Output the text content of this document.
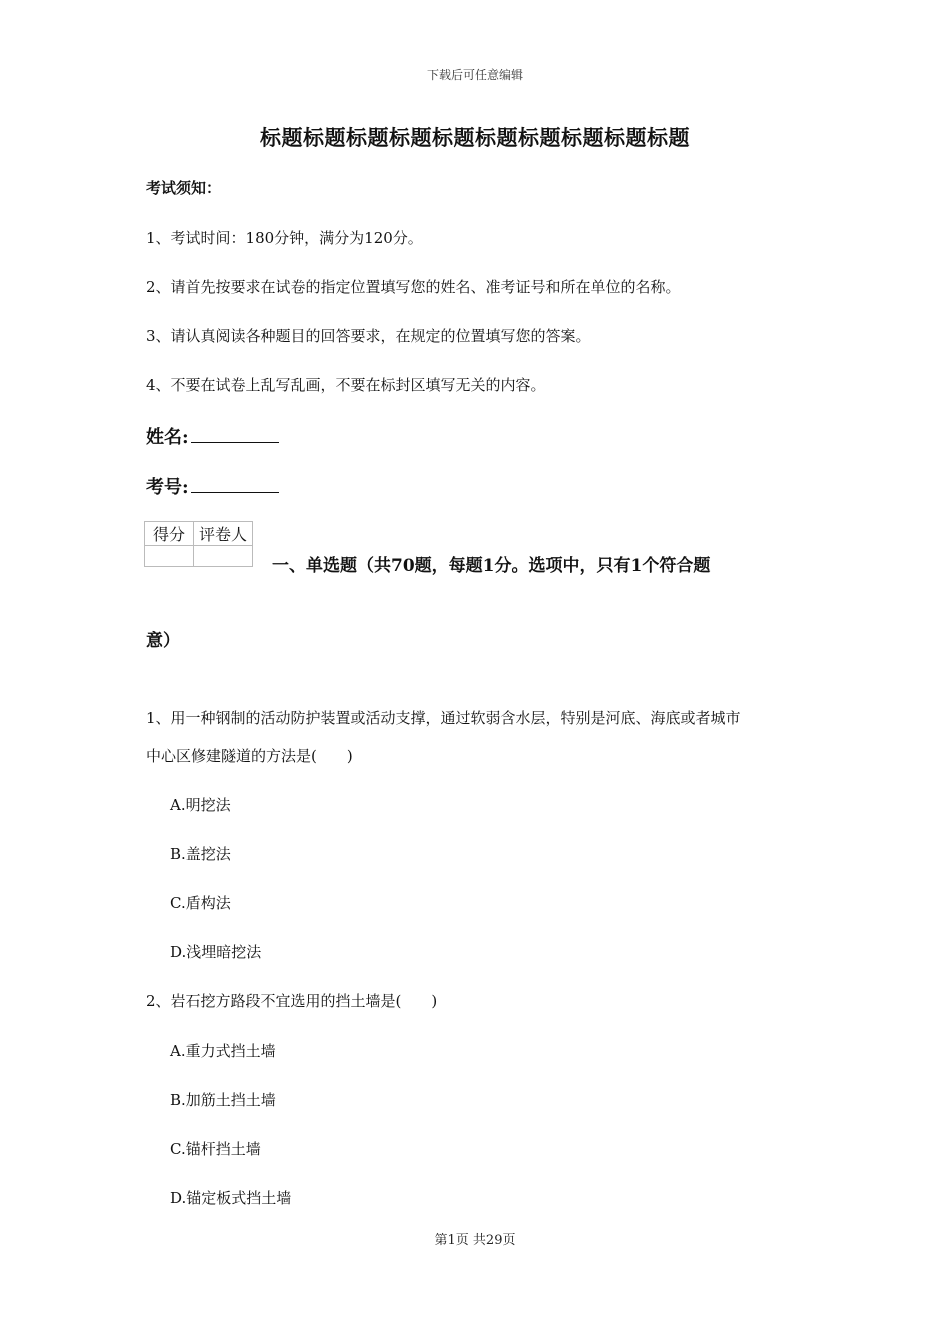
下载后可任意编辑
标题标题标题标题标题标题标题标题标题标题
考试须知：
1、考试时间：180分钟，满分为120分。
2、请首先按要求在试卷的指定位置填写您的姓名、准考证号和所在单位的名称。
3、请认真阅读各种题目的回答要求，在规定的位置填写您的答案。
4、不要在试卷上乱写乱画，不要在标封区填写无关的内容。
姓名:
考号:
得分	评卷人

一、单选题（共70题，每题1分。选项中，只有1个符合题
意）
1、用一种钢制的活动防护装置或活动支撑，通过软弱含水层，特别是河底、海底或者城市
中心区修建隧道的方法是(　　)
A.明挖法
B.盖挖法
C.盾构法
D.浅埋暗挖法
2、岩石挖方路段不宜选用的挡土墙是(　　)
A.重力式挡土墙
B.加筋土挡土墙
C.锚杆挡土墙
D.锚定板式挡土墙
第1页 共29页
